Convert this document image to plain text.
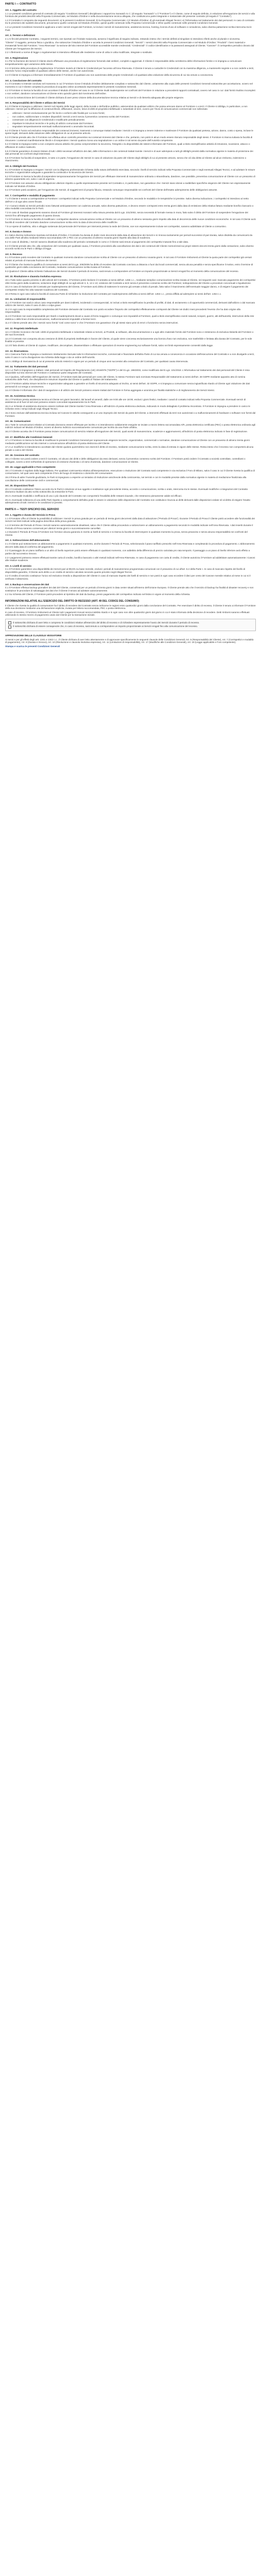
PARTE I — CONTRATTO
Art. 1. Oggetto del contratto

1.1 Le presenti condizioni generali di contratto (di seguito "Condizioni Generali") disciplinano i rapporti tra Sorwatch S.r.l. (di seguito "Sorwatch" o il "Fornitore") e il Cliente, come di seguito definito, in relazione all'erogazione dei servizi e alla fornitura dei prodotti descritti nella Proposta Commerciale, nel Modulo d'Ordine e nella documentazione tecnica allegata, che costituiscono parte integrante e sostanziale del presente contratto (di seguito il "Contratto").

1.2 Il Contratto è composto dai seguenti documenti: a) le presenti Condizioni Generali; b) la Proposta Commerciale; c) il Modulo d'Ordine; d) gli eventuali Allegati Tecnici; e) l'informativa sul trattamento dei dati personali. In caso di contrasto tra le previsioni dei suddetti documenti, prevarranno quelle contenute nel Modulo d'Ordine, quindi quelle contenute nella Proposta Commerciale e infine quelle contenute nelle presenti Condizioni Generali.

1.3 Le presenti Condizioni Generali si applicano a tutti i servizi erogati dal Fornitore, ivi inclusi i servizi di manutenzione, assistenza tecnica, hosting, licenza d'uso di software e consulenza, salvo diversa pattuizione scritta intercorsa tra le Parti.

Art. 2. Termini e definizioni

2.1 Ai fini del presente Contratto, i seguenti termini, ove riportati con l'iniziale maiuscola, avranno il significato di seguito indicato, restando inteso che i termini definiti al singolare si intendono riferiti anche al plurale e viceversa.

"Cliente": il soggetto, persona fisica o giuridica, che sottoscrive il Modulo d'Ordine e accetta le presenti Condizioni Generali; "Servizi": i servizi descritti nella Proposta Commerciale e nel Modulo d'Ordine; "Prodotti": i beni materiali e immateriali forniti dal Fornitore; "Area Riservata": la sezione del sito internet del Fornitore accessibile tramite credenziali; "Credenziali": il codice identificativo e la password assegnati al Cliente; "Canone": il corrispettivo periodico dovuto dal Cliente per l'erogazione dei Servizi.

2.2 I riferimenti a norme di legge o regolamentari si intendono effettuati alle medesime come di volta in volta modificate, integrate o sostituite.

Art. 3. Registrazione

3.1 Per la fruizione dei Servizi il Cliente dovrà effettuare una procedura di registrazione fornendo dati veritieri, completi e aggiornati. Il Cliente è responsabile della correttezza delle informazioni fornite e si impegna a comunicare tempestivamente ogni variazione delle stesse.

3.2 Al termine della procedura di registrazione il Fornitore invierà al Cliente le Credenziali per l'accesso all'Area Riservata. Il Cliente è tenuto a custodire le Credenziali con la massima diligenza, a mantenerle segrete e a non cederle a terzi, essendo l'unico responsabile di qualsiasi utilizzo delle stesse, anche non autorizzato.

3.3 Il Cliente si impegna a informare immediatamente il Fornitore di qualsiasi uso non autorizzato delle proprie Credenziali o di qualsiasi altra violazione della sicurezza di cui sia venuto a conoscenza.

Art. 4. Conclusione del contratto

4.1 Il Contratto si intende concluso nel momento in cui il Fornitore riceve il Modulo d'Ordine debitamente compilato e sottoscritto dal Cliente, unitamente alla copia delle presenti Condizioni Generali sottoscritte per accettazione, ovvero nel momento in cui il Cliente completa la procedura di acquisto online accettando espressamente le presenti Condizioni Generali.

4.2 Il Fornitore si riserva la facoltà di non accettare il Modulo d'Ordine nel caso in cui il Cliente risulti inadempiente nei confronti del Fornitore in relazione a precedenti rapporti contrattuali, ovvero nel caso in cui i dati forniti risultino incompleti o non veritieri, dandone comunicazione al Cliente entro quindici giorni dal ricevimento dell'ordine.

4.3 Con la sottoscrizione del Contratto il Cliente dichiara di aver preso visione della documentazione tecnica relativa ai Servizi e di ritenerla adeguata alle proprie esigenze.

Art. 5. Responsabilità del Cliente e utilizzo dei Servizi

5.1 Il Cliente si impegna a utilizzare i Servizi nel rispetto delle leggi vigenti, della morale e dell'ordine pubblico, astenendosi da qualsiasi utilizzo che possa arrecare danno al Fornitore o a terzi. Il Cliente si obbliga, in particolare, a non utilizzare i Servizi per la diffusione di contenuti illeciti, diffamatori, osceni, lesivi di diritti di proprietà intellettuale o industriale di terzi, ovvero per l'invio di comunicazioni commerciali non sollecitate.

• utilizzare i Servizi esclusivamente per fini leciti e conformi alle finalità per cui sono forniti;
• non cedere, sublicenziare o rendere disponibili i Servizi a terzi senza il preventivo consenso scritto del Fornitore;
• conservare con diligenza le Credenziali e modificarle periodicamente;
• rispettare le istruzioni tecniche e le policy di utilizzo comunicate dal Fornitore;
• segnalare tempestivamente eventuali malfunzionamenti o anomalie riscontrati.

5.2 Il Cliente è l'unico ed esclusivo responsabile dei contenuti immessi, trasmessi o comunque trattati mediante i Servizi e si impegna a tenere indenne e manlevare il Fornitore da qualsiasi pretesa, azione, danno, costo o spesa, incluse le spese legali, derivanti dalla violazione delle obbligazioni di cui al presente articolo.

5.3 Il Cliente prende atto che il Fornitore non effettua alcun controllo preventivo sui contenuti immessi dal Cliente e che, pertanto, non potrà in alcun modo essere ritenuto responsabile degli stessi. Il Fornitore si riserva tuttavia la facoltà di rimuovere i contenuti manifestamente illeciti e di sospendere i Servizi qualora riceva una segnalazione o un ordine in tal senso da parte dell'Autorità competente.

5.4 Il Cliente si impegna inoltre a non compiere alcuna attività che possa compromettere la sicurezza, l'integrità o la disponibilità dei sistemi informatici del Fornitore, quali a titolo esemplificativo attività di intrusione, scansione, attacco o diffusione di codice malevolo.

5.5 Il Cliente garantisce di essere titolare di tutti i diritti necessari all'utilizzo dei dati, delle informazioni e dei contenuti trattati tramite i Servizi e di aver adempiuto a tutti gli obblighi previsti dalla normativa vigente in materia di protezione dei dati personali nei confronti degli interessati.

5.6 Il Fornitore ha facoltà di sospendere, in tutto o in parte, l'erogazione dei Servizi in caso di violazione da parte del Cliente degli obblighi di cui al presente articolo, senza che ciò dia diritto al Cliente ad alcun rimborso, indennizzo o risarcimento.

Art. 6. Obblighi del Fornitore

6.1 Il Fornitore si impegna a erogare i Servizi con la diligenza professionale richiesta dalla natura dell'attività esercitata, secondo i livelli di servizio indicati nella Proposta Commerciale e negli eventuali Allegati Tecnici, e ad adottare le misure tecniche e organizzative adeguate a garantire la continuità e la sicurezza dei Servizi.

6.2 Il Fornitore si riserva la facoltà di sospendere temporaneamente l'erogazione dei Servizi per effettuare interventi di manutenzione ordinaria o straordinaria, dandone, ove possibile, preventiva comunicazione al Cliente con un preavviso di almeno quarantotto ore, salvo i casi di urgenza.

6.3 Il Fornitore non assume alcuna obbligazione ulteriore rispetto a quelle espressamente previste nel Contratto e, in particolare, non garantisce che i Servizi siano idonei a soddisfare specifiche esigenze del Cliente non espressamente indicate nel Modulo d'Ordine.

6.4 Il Fornitore potrà avvalersi, per l'erogazione dei Servizi, di soggetti terzi di propria fiducia, restando comunque responsabile nei confronti del Cliente dell'esatto adempimento delle obbligazioni assunte.

Art. 7. Corrispettivi e modalità di pagamento

7.1 Il Cliente è tenuto a corrispondere al Fornitore i corrispettivi indicati nella Proposta Commerciale e nel Modulo d'Ordine, secondo le modalità e le tempistiche ivi previste. Salvo diversa indicazione, i corrispettivi si intendono al netto dell'IVA e di ogni altro onere fiscale.

7.2 I Canoni relativi ai Servizi periodici sono fatturati anticipatamente con cadenza annuale, salvo diversa pattuizione, e devono essere corrisposti entro trenta giorni dalla data di emissione della relativa fattura mediante bonifico bancario o altra modalità concordata tra le Parti.

7.3 In caso di ritardato pagamento saranno dovuti al Fornitore gli interessi moratori nella misura prevista dal D.Lgs. 231/2002, senza necessità di formale messa in mora, fatto salvo il diritto del Fornitore di sospendere l'erogazione dei Servizi fino all'integrale pagamento di quanto dovuto.

7.4 Il Fornitore si riserva la facoltà di modificare i corrispettivi dandone comunicazione scritta al Cliente con un preavviso di almeno sessanta giorni rispetto alla data di decorrenza delle nuove condizioni economiche. In tal caso il Cliente avrà facoltà di recedere dal Contratto dandone comunicazione scritta entro la data di decorrenza delle modifiche.

7.5 Le spese di trasferta, vitto e alloggio sostenute dal personale del Fornitore per interventi presso la sede del Cliente, ove non espressamente incluse nei corrispettivi, saranno addebitate al Cliente a consuntivo.

Art. 8. Durata e rinnovo

8.1 Salvo diversa indicazione riportata nel Modulo d'Ordine, il Contratto ha durata di dodici mesi decorrenti dalla data di attivazione dei Servizi e si rinnova tacitamente per periodi successivi di pari durata, salvo disdetta da comunicarsi da una delle Parti all'altra mediante lettera raccomandata A/R o PEC con un preavviso di almeno novanta giorni rispetto alla data di scadenza.

8.2 In caso di disdetta, i Servizi saranno disattivati alla scadenza del periodo contrattuale in corso e il Cliente sarà tenuto al pagamento dei corrispettivi maturati fino a tale data.

8.3 Il Cliente prende atto che, alla cessazione del Contratto per qualsiasi causa, il Fornitore procederà alla cancellazione dei dati e dei contenuti del Cliente memorizzati sui propri sistemi decorsi trenta giorni dalla cessazione, salvo diverso accordo scritto tra le Parti o obbligo di legge.

Art. 9. Recesso

9.1 Il Fornitore potrà recedere dal Contratto in qualsiasi momento dandone comunicazione scritta al Cliente con un preavviso di almeno novanta giorni. In tal caso il Fornitore rimborserà al Cliente la quota parte dei corrispettivi già versati relativi al periodo di mancata fruizione dei Servizi.

9.2 Il Cliente che rivesta la qualifica di consumatore ai sensi del D.Lgs. 206/2005 ha diritto di recedere dal Contratto concluso a distanza o fuori dai locali commerciali, senza alcuna penalità e senza specificarne il motivo, entro il termine di quattordici giorni dalla conclusione del Contratto, mediante comunicazione scritta inviata al Fornitore.

9.3 Qualora il Cliente abbia richiesto l'attivazione dei Servizi durante il periodo di recesso, sarà tenuto a corrispondere al Fornitore un importo proporzionale ai Servizi erogati fino al momento della comunicazione del recesso.

Art. 10. Risoluzione e clausola risolutiva espressa

10.1 Fatto salvo quanto previsto in altri articoli del Contratto, il Fornitore potrà risolvere il Contratto ai sensi dell'art. 1456 c.c., mediante semplice comunicazione scritta inviata al Cliente, nei seguenti casi: mancato pagamento dei corrispettivi oltre trenta giorni dalla scadenza; violazione degli obblighi di cui agli articoli 3, 5, 12 e 13; cessione del Contratto a terzi senza il preventivo consenso scritto del Fornitore; sottoposizione del Cliente a procedure concorsuali o liquidazione.

10.2 In caso di risoluzione del Contratto per inadempimento del Cliente, il Fornitore avrà diritto di trattenere le somme già versate a titolo di penale, fatto salvo il risarcimento dell'eventuale maggior danno, e di esigere il pagamento dei corrispettivi residui fino alla naturale scadenza del Contratto.

10.3 Resta in ogni caso salva la facoltà di ciascuna Parte di richiedere la risoluzione del Contratto per inadempimento dell'altra ai sensi dell'art. 1453 c.c., previa diffida ad adempiere ai sensi dell'art. 1454 c.c.

Art. 11. Limitazioni di responsabilità

11.1 Il Fornitore non sarà in alcun caso responsabile per danni indiretti, incidentali o consequenziali, ivi inclusi a titolo esemplificativo la perdita di profitti, di dati, di avviamento o di opportunità commerciali, derivanti dall'utilizzo o dal mancato utilizzo dei Servizi, salvo il caso di dolo o colpa grave.

11.2 In ogni caso la responsabilità complessiva del Fornitore derivante dal Contratto non potrà eccedere l'importo dei corrispettivi effettivamente corrisposti dal Cliente nei dodici mesi precedenti l'evento che ha dato origine alla responsabilità.

11.3 Il Fornitore non sarà responsabile per ritardi o inadempimenti dovuti a cause di forza maggiore o comunque non imputabili al Fornitore, quali a titolo esemplificativo eventi naturali, scioperi, guerre, atti dell'autorità, interruzioni della rete elettrica o delle linee di telecomunicazione, malfunzionamenti imputabili a fornitori terzi.

11.4 Il Cliente prende atto che i Servizi sono forniti "così come sono" e che il Fornitore non garantisce che gli stessi siano privi di errori o funzionino senza interruzioni.

Art. 12. Proprietà intellettuale

12.1 Il Cliente riconosce che tutti i diritti di proprietà intellettuale e industriale relativi ai Servizi, ai Prodotti, ai software, alla documentazione e a ogni altro materiale fornito dal Fornitore sono e resteranno di esclusiva titolarità del Fornitore o dei suoi licenzianti.

12.2 Il Contratto non comporta alcuna cessione di diritti di proprietà intellettuale in favore del Cliente, al quale viene concessa esclusivamente una licenza d'uso non esclusiva, non trasferibile e limitata alla durata del Contratto, per le sole finalità ivi previste.

12.3 È fatto divieto al Cliente di copiare, modificare, decompilare, disassemblare o effettuare operazioni di reverse engineering sui software forniti, salvo nei limiti espressamente consentiti dalla legge.

Art. 13. Riservatezza

13.1 Ciascuna Parte si impegna a mantenere strettamente riservate tutte le informazioni tecniche, commerciali e finanziarie dell'altra Parte di cui sia venuta a conoscenza in occasione dell'esecuzione del Contratto e a non divulgarle a terzi, salvo il caso in cui la divulgazione sia richiesta dalla legge o da un ordine dell'Autorità.

13.2 L'obbligo di riservatezza di cui al presente articolo resterà in vigore per un periodo di cinque anni successivi alla cessazione del Contratto, per qualsiasi causa intervenuta.

Art. 14. Trattamento dei dati personali

14.1 Le Parti si impegnano a trattare i dati personali nel rispetto del Regolamento (UE) 2016/679 ("GDPR") e del D.Lgs. 196/2003, come modificato dal D.Lgs. 101/2018. L'informativa sul trattamento dei dati personali del Cliente è resa disponibile sul sito internet del Fornitore e costituisce parte integrante del Contratto.

14.2 Qualora, nell'ambito dell'erogazione dei Servizi, il Fornitore tratti dati personali per conto del Cliente, lo stesso Fornitore sarà nominato Responsabile del trattamento ai sensi dell'art. 28 GDPR mediante apposito atto di nomina sottoscritto dalle Parti, che disciplinerà le istruzioni impartite dal Cliente in qualità di Titolare del trattamento.

14.3 Il Fornitore adotta misure tecniche e organizzative adeguate a garantire un livello di sicurezza adeguato al rischio, ai sensi dell'art. 32 GDPR, e si impegna a comunicare senza ingiustificato ritardo al Cliente ogni violazione dei dati personali di cui venga a conoscenza.

14.4 Il Cliente è informato che i dati di navigazione e di utilizzo dei Servizi potranno essere trattati dal Fornitore in forma aggregata e anonima per finalità statistiche e di miglioramento dei Servizi stessi.

Art. 15. Assistenza tecnica

15.1 Il Fornitore presta assistenza tecnica al Cliente nei giorni lavorativi, dal lunedì al venerdì, dalle ore 9:00 alle ore 18:00, esclusi i giorni festivi, mediante i canali di contatto indicati nella Proposta Commerciale. Eventuali servizi di assistenza al di fuori di tali orari potranno essere concordati separatamente tra le Parti.

15.2 Le richieste di assistenza dovranno essere inoltrate dal Cliente tramite l'Area Riservata o all'indirizzo di posta elettronica dedicato, indicando in modo dettagliato il problema riscontrato. Il Fornitore si impegna a prendere in carico le richieste entro i tempi indicati negli Allegati Tecnici.

15.3 Sono escluse dall'assistenza tecnica inclusa nel Canone le attività conseguenti a un uso improprio dei Servizi da parte del Cliente, a interventi effettuati da terzi non autorizzati o a malfunzionamenti di hardware o software non forniti dal Fornitore.

Art. 16. Comunicazioni

16.1 Tutte le comunicazioni relative al Contratto dovranno essere effettuate per iscritto e si intenderanno validamente eseguite se inviate a mezzo lettera raccomandata A/R, posta elettronica certificata (PEC) o posta elettronica ordinaria agli indirizzi indicati nel Modulo d'Ordine, ovvero al diverso indirizzo successivamente comunicato per iscritto da una Parte all'altra.

16.2 Il Cliente accetta che il Fornitore possa inviare comunicazioni di servizio relative all'erogazione dei Servizi, quali avvisi di manutenzione, scadenze e aggiornamenti, all'indirizzo di posta elettronica indicato in fase di registrazione.

Art. 17. Modifiche alle Condizioni Generali

17.1 Il Fornitore si riserva la facoltà di modificare le presenti Condizioni Generali per sopravvenute esigenze tecniche, organizzative, commerciali o normative, dandone comunicazione al Cliente con un preavviso di almeno trenta giorni mediante pubblicazione sul sito internet o comunicazione all'indirizzo di posta elettronica del Cliente.

17.2 Le modifiche si intenderanno accettate dal Cliente qualora quest'ultimo non eserciti il diritto di recesso, mediante comunicazione scritta, entro la data di entrata in vigore delle stesse. Resta inteso che il recesso non comporterà alcuna penale a carico del Cliente.

Art. 18. Cessione del contratto

18.1 Il Cliente non potrà cedere a terzi il Contratto, né alcuno dei diritti e delle obbligazioni da esso derivanti, senza il preventivo consenso scritto del Fornitore. Il Fornitore potrà cedere il Contratto a società controllate, controllanti o collegate, ovvero a terzi nell'ambito di operazioni di cessione d'azienda o di ramo d'azienda, dandone comunicazione al Cliente.

Art. 19. Legge applicabile e Foro competente

19.1 Il Contratto è regolato dalla legge italiana. Per qualsiasi controversia relativa all'interpretazione, esecuzione o risoluzione del Contratto sarà competente in via esclusiva il Foro di Milano, salvo il caso in cui il Cliente rivesta la qualifica di consumatore, nel qual caso sarà competente il foro del luogo di residenza o domicilio del consumatore.

19.2 Prima di adire l'Autorità giudiziaria, le Parti si impegnano a esperire un tentativo di risoluzione amichevole della controversia, nei termini e con le modalità previste dalla normativa vigente in materia di mediazione finalizzata alla conciliazione delle controversie civili e commerciali.

Art. 20. Disposizioni finali

20.1 Il Contratto costituisce l'intero accordo tra le Parti in relazione al suo oggetto e sostituisce ogni precedente intesa, accordo o comunicazione, scritta o orale, intercorsa tra le stesse. Eventuali modifiche o integrazioni del Contratto dovranno risultare da atto scritto sottoscritto da entrambe le Parti.

20.2 L'eventuale invalidità o inefficacia di una o più clausole del Contratto non comporterà l'invalidità delle restanti clausole, che resteranno pienamente valide ed efficaci.

20.3 L'eventuale tolleranza di una delle Parti rispetto a comportamenti dell'altra posti in essere in violazione delle disposizioni del Contratto non costituisce rinuncia ai diritti derivanti dalle disposizioni violate né al diritto di esigere l'esatto adempimento di tutti i termini e le condizioni ivi previsti.

PARTE II — TESTI SPECIFICI DEL SERVIZIO
Art. 1. Oggetto e durata del Servizio in Prova

1.1 Il Fornitore offre al Cliente la possibilità di utilizzare i Servizi in prova gratuita per un periodo di trenta giorni decorrenti dalla data di attivazione ("Periodo di Prova"). Durante il Periodo di Prova il Cliente potrà accedere alle funzionalità dei Servizi nei limiti indicati nella pagina descrittiva della prova gratuita.

1.2 Al termine del Periodo di Prova i Servizi saranno automaticamente disattivati, salvo che il Cliente abbia provveduto a sottoscrivere un abbonamento a pagamento secondo le modalità indicate nell'Area Riservata. I dati inseriti durante il Periodo di Prova saranno conservati per ulteriori trenta giorni e successivamente cancellati.

1.3 Durante il Periodo di Prova il Fornitore non fornisce alcuna garanzia in merito ai livelli di servizio e si riserva la facoltà di interrompere in qualsiasi momento la prova, senza preavviso e senza alcuna responsabilità nei confronti del Cliente.

Art. 2. Sottoscrizione dell'abbonamento

2.1 Il Cliente può sottoscrivere un abbonamento a pagamento in qualsiasi momento, anche durante il Periodo di Prova, selezionando il piano tariffario prescelto nell'Area Riservata e completando la procedura di pagamento. L'abbonamento decorre dalla data di conferma del pagamento.

2.2 Il passaggio da un piano tariffario a un altro di livello superiore potrà essere effettuato in qualsiasi momento, con addebito della differenza di prezzo calcolata pro rata temporis. Il passaggio a un piano di livello inferiore avrà effetto a partire dal successivo rinnovo.

2.3 I pagamenti potranno essere effettuati tramite carta di credito, bonifico bancario o altri metodi indicati nell'Area Riservata. In caso di pagamento con carta di credito, il Cliente autorizza il Fornitore ad addebitare automaticamente i Canoni alle relative scadenze.

Art. 3. Livelli di servizio

3.1 Il Fornitore garantisce una disponibilità dei Servizi pari al 99,5% su base mensile, esclusi i periodi di manutenzione programmata comunicati con il preavviso di cui all'art. 6.2 della Parte I. In caso di mancato rispetto del livello di disponibilità garantito, il Cliente avrà diritto a un credito di servizio calcolato secondo quanto previsto negli Allegati Tecnici.

3.2 Il credito di servizio costituisce l'unico ed esclusivo rimedio a disposizione del Cliente in caso di mancato rispetto dei livelli di servizio e non potrà in ogni caso eccedere il dieci per cento del Canone mensile relativo al mese in cui si è verificato il disservizio.

Art. 4. Backup e conservazione dei dati

4.1 Il Fornitore effettua backup giornalieri dei dati del Cliente, conservati per un periodo di trenta giorni in data center situati all'interno dell'Unione Europea. Il Cliente prende atto che il servizio di backup ha finalità di disaster recovery e non sostituisce le procedure di salvataggio dei dati che il Cliente è tenuto ad adottare autonomamente.

4.2 Su richiesta del Cliente, il Fornitore potrà procedere al ripristino dei dati da backup, previo pagamento del corrispettivo indicato nel listino in vigore al momento della richiesta.

INFORMAZIONI RELATIVE ALL'ESERCIZIO DEL DIRITTO DI RECESSO (ART. 49 DEL CODICE DEL CONSUMO)

Il Cliente che rivesta la qualità di consumatore ha il diritto di recedere dal Contratto senza indicarne le ragioni entro quattordici giorni dalla conclusione del Contratto. Per esercitare il diritto di recesso, il Cliente è tenuto a informare il Fornitore della sua decisione mediante una dichiarazione esplicita, inviata per lettera raccomandata, PEC o posta elettronica.

In caso di recesso, il Fornitore rimborserà al Cliente tutti i pagamenti ricevuti senza indebito ritardo e in ogni caso non oltre quattordici giorni dal giorno in cui è stato informato della decisione di recedere. Detti rimborsi saranno effettuati utilizzando lo stesso mezzo di pagamento usato dal Cliente per la transazione iniziale.

Il sottoscritto dichiara di aver letto e compreso le condizioni relative all'esercizio del diritto di recesso e di richiedere espressamente l'avvio dei Servizi durante il periodo di recesso.
Il sottoscritto dichiara di essere consapevole che, in caso di recesso, sarà tenuto a corrispondere un importo proporzionale ai Servizi erogati fino alla comunicazione del recesso.
APPROVAZIONE DELLE CLAUSOLE VESSATORIE

Ai sensi e per gli effetti degli artt. 1341 e 1342 c.c., il Cliente dichiara di aver letto attentamente e di approvare specificamente le seguenti clausole delle Condizioni Generali: Art. 5 (Responsabilità del Cliente), Art. 7 (Corrispettivi e modalità di pagamento), Art. 8 (Durata e rinnovo), Art. 10 (Risoluzione e clausola risolutiva espressa), Art. 11 (Limitazioni di responsabilità), Art. 17 (Modifiche alle Condizioni Generali), Art. 19 (Legge applicabile e Foro competente).

Stampa e scarica le presenti Condizioni Generali
